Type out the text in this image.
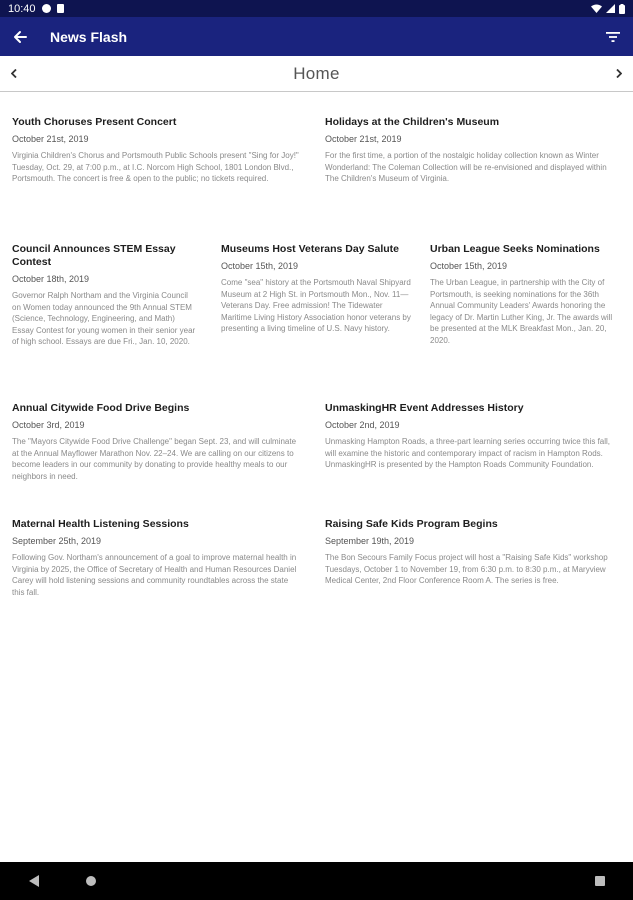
10:40
News Flash
Home
Youth Choruses Present Concert
October 21st, 2019
Virginia Children's Chorus and Portsmouth Public Schools present "Sing for Joy!" Tuesday, Oct. 29, at 7:00 p.m., at I.C. Norcom High School, 1801 London Blvd., Portsmouth. The concert is free & open to the public; no tickets required.
Holidays at the Children's Museum
October 21st, 2019
For the first time, a portion of the nostalgic holiday collection known as Winter Wonderland: The Coleman Collection will be re-envisioned and displayed within The Children's Museum of Virginia.
Council Announces STEM Essay Contest
October 18th, 2019
Governor Ralph Northam and the Virginia Council on Women today announced the 9th Annual STEM (Science, Technology, Engineering, and Math) Essay Contest for young women in their senior year of high school. Essays are due Fri., Jan. 10, 2020.
Museums Host Veterans Day Salute
October 15th, 2019
Come "sea" history at the Portsmouth Naval Shipyard Museum at 2 High St. in Portsmouth Mon., Nov. 11—Veterans Day. Free admission! The Tidewater Maritime Living History Association honor veterans by presenting a living timeline of U.S. Navy history.
Urban League Seeks Nominations
October 15th, 2019
The Urban League, in partnership with the City of Portsmouth, is seeking nominations for the 36th Annual Community Leaders' Awards honoring the legacy of Dr. Martin Luther King, Jr. The awards will be presented at the MLK Breakfast Mon., Jan. 20, 2020.
Annual Citywide Food Drive Begins
October 3rd, 2019
The "Mayors Citywide Food Drive Challenge" began Sept. 23, and will culminate at the Annual Mayflower Marathon Nov. 22–24. We are calling on our citizens to become leaders in our community by donating to provide healthy meals to our neighbors in need.
UnmaskingHR Event Addresses History
October 2nd, 2019
Unmasking Hampton Roads, a three-part learning series occurring twice this fall, will examine the historic and contemporary impact of racism in Hampton Rods. UnmaskingHR is presented by the Hampton Roads Community Foundation.
Maternal Health Listening Sessions
September 25th, 2019
Following Gov. Northam's announcement of a goal to improve maternal health in Virginia by 2025, the Office of Secretary of Health and Human Resources Daniel Carey will hold listening sessions and community roundtables across the state this fall.
Raising Safe Kids Program Begins
September 19th, 2019
The Bon Secours Family Focus project will host a "Raising Safe Kids" workshop Tuesdays, October 1 to November 19, from 6:30 p.m. to 8:30 p.m., at Maryview Medical Center, 2nd Floor Conference Room A. The series is free.
